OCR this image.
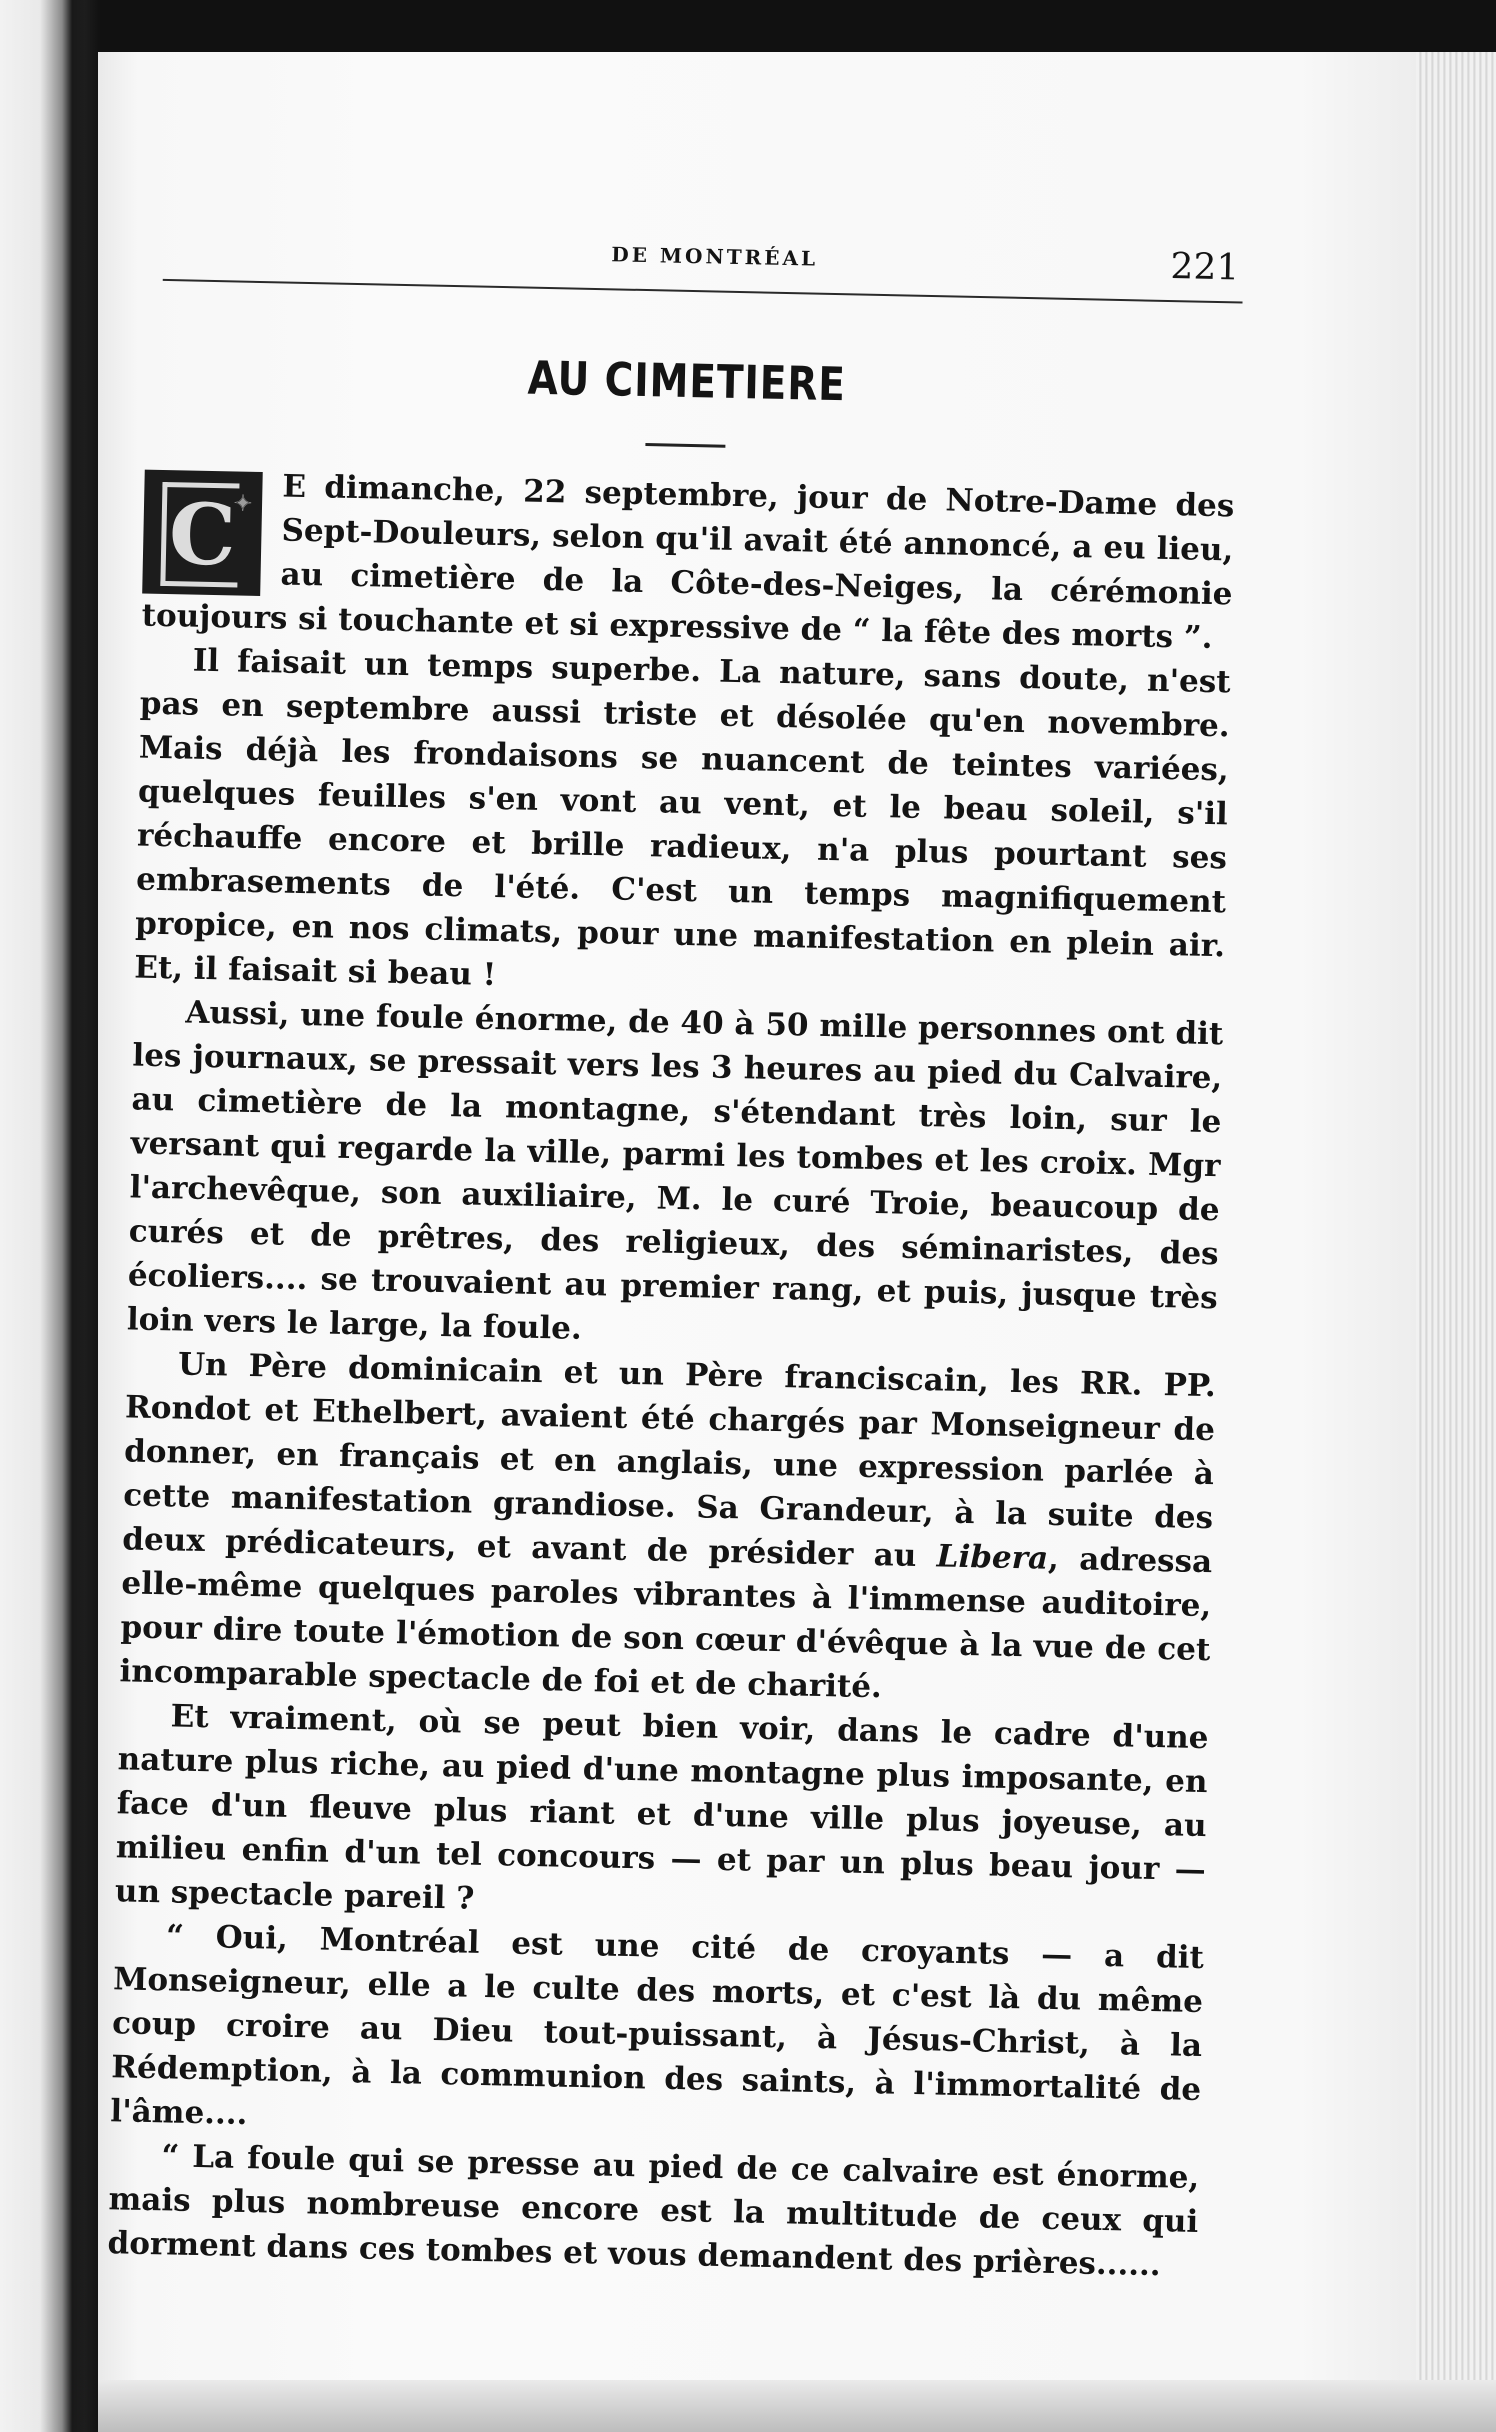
DE MONTRÉAL	221
AU CIMETIERE

C
✦ E dimanche, 22 septembre, jour de Notre-Dame des Sept-Douleurs, selon qu'il avait été annoncé, a eu lieu, au cimetière de la Côte-des-Neiges, la cérémonie toujours si touchante et si expressive de “ la fête des morts ”.

Il faisait un temps superbe. La nature, sans doute, n'est pas en septembre aussi triste et désolée qu'en novembre. Mais déjà les frondaisons se nuancent de teintes variées, quelques feuilles s'en vont au vent, et le beau soleil, s'il réchauffe encore et brille radieux, n'a plus pourtant ses embrasements de l'été. C'est un temps magnifiquement propice, en nos climats, pour une manifestation en plein air. Et, il faisait si beau !

Aussi, une foule énorme, de 40 à 50 mille personnes ont dit les journaux, se pressait vers les 3 heures au pied du Calvaire, au cimetière de la montagne, s'étendant très loin, sur le versant qui regarde la ville, parmi les tombes et les croix. Mgr l'archevêque, son auxiliaire, M. le curé Troie, beaucoup de curés et de prêtres, des religieux, des séminaristes, des écoliers.... se trouvaient au premier rang, et puis, jusque très loin vers le large, la foule.

Un Père dominicain et un Père franciscain, les RR. PP. Rondot et Ethelbert, avaient été chargés par Monseigneur de donner, en français et en anglais, une expression parlée à cette manifestation grandiose. Sa Grandeur, à la suite des deux prédicateurs, et avant de présider au Libera, adressa elle-même quelques paroles vibrantes à l'immense auditoire, pour dire toute l'émotion de son cœur d'évêque à la vue de cet incomparable spectacle de foi et de charité.

Et vraiment, où se peut bien voir, dans le cadre d'une nature plus riche, au pied d'une montagne plus imposante, en face d'un fleuve plus riant et d'une ville plus joyeuse, au milieu enfin d'un tel concours — et par un plus beau jour — un spectacle pareil ?

“ Oui, Montréal est une cité de croyants — a dit Monseigneur, elle a le culte des morts, et c'est là du même coup croire au Dieu tout-puissant, à Jésus-Christ, à la Rédemption, à la communion des saints, à l'immortalité de l'âme....

“ La foule qui se presse au pied de ce calvaire est énorme, mais plus nombreuse encore est la multitude de ceux qui dorment dans ces tombes et vous demandent des prières......
